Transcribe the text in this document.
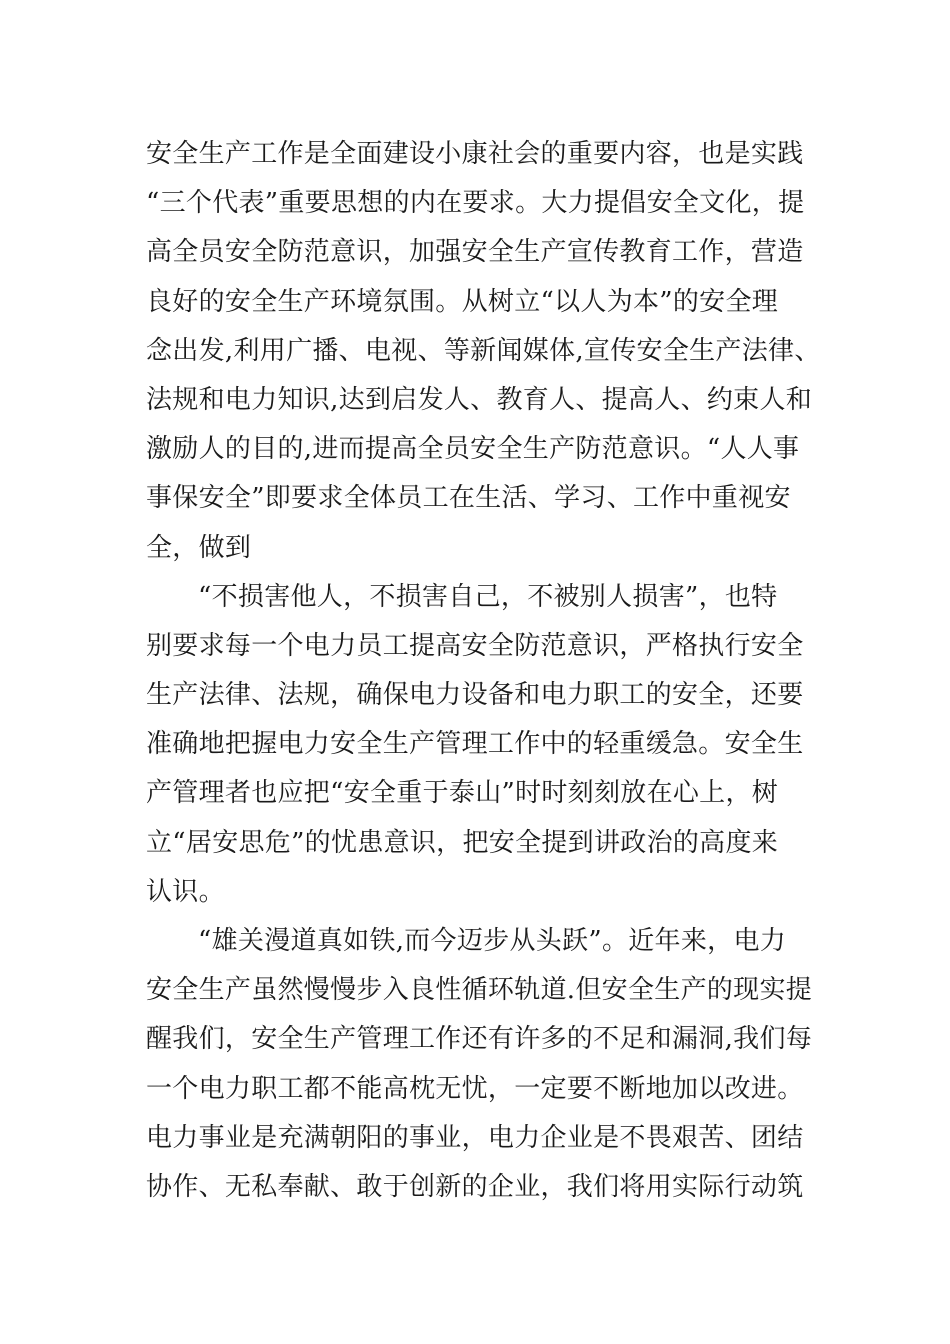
安全生产工作是全面建设小康社会的重要内容，也是实践
“三个代表”重要思想的内在要求。大力提倡安全文化，提
高全员安全防范意识，加强安全生产宣传教育工作，营造
良好的安全生产环境氛围。从树立“以人为本”的安全理
念出发,利用广播、电视、等新闻媒体,宣传安全生产法律、
法规和电力知识,达到启发人、教育人、提高人、约束人和
激励人的目的,进而提高全员安全生产防范意识。“人人事
事保安全”即要求全体员工在生活、学习、工作中重视安
全，做到
“不损害他人，不损害自己，不被别人损害”，也特
别要求每一个电力员工提高安全防范意识，严格执行安全
生产法律、法规，确保电力设备和电力职工的安全，还要
准确地把握电力安全生产管理工作中的轻重缓急。安全生
产管理者也应把“安全重于泰山”时时刻刻放在心上，树
立“居安思危”的忧患意识，把安全提到讲政治的高度来
认识。
“雄关漫道真如铁,而今迈步从头跃”。近年来，电力
安全生产虽然慢慢步入良性循环轨道.但安全生产的现实提
醒我们，安全生产管理工作还有许多的不足和漏洞,我们每
一个电力职工都不能高枕无忧，一定要不断地加以改进。
电力事业是充满朝阳的事业，电力企业是不畏艰苦、团结
协作、无私奉献、敢于创新的企业，我们将用实际行动筑
